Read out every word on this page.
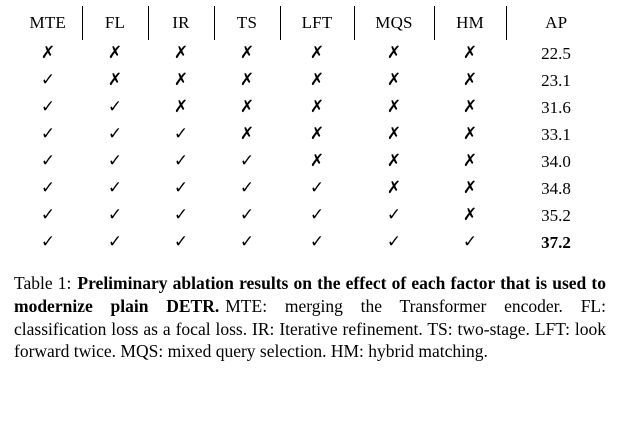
MTE	FL	IR	TS	LFT	MQS	HM	AP

✗	✗	✗	✗	✗	✗	✗	22.5
✓	✗	✗	✗	✗	✗	✗	23.1
✓	✓	✗	✗	✗	✗	✗	31.6
✓	✓	✓	✗	✗	✗	✗	33.1
✓	✓	✓	✓	✗	✗	✗	34.0
✓	✓	✓	✓	✓	✗	✗	34.8
✓	✓	✓	✓	✓	✓	✗	35.2
✓	✓	✓	✓	✓	✓	✓	37.2

Table 1: Preliminary ablation results on the effect of each factor that is used to modernize plain DETR. MTE: merging the Transformer encoder. FL: classification loss as a focal loss. IR: Iterative refinement. TS: two-stage. LFT: look forward twice. MQS: mixed query selection. HM: hybrid matching.
